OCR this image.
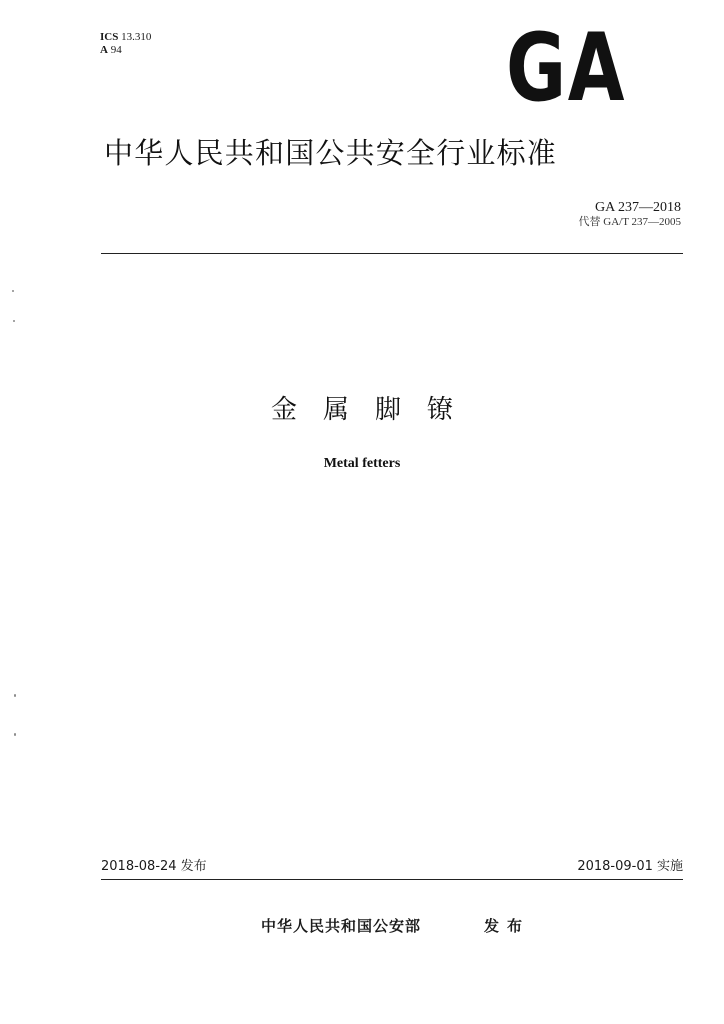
ICS 13.310
A 94	GA
中华人民共和国公共安全行业标准
GA 237—2018
代替 GA/T 237—2005
金属脚镣
Metal fetters
2018-08-24 发布	2018-09-01 实施
中华人民共和国公安部	发布
